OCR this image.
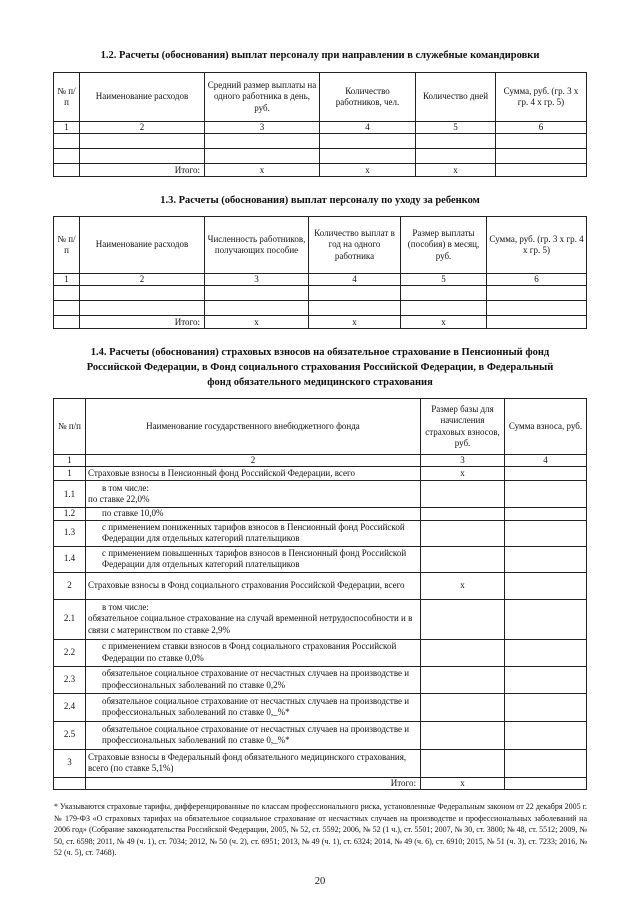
1.2. Расчеты (обоснования) выплат персоналу при направлении в служебные командировки
№ п/п	Наименование расходов	Средний размер выплаты на одного работника в день, руб.	Количество работников, чел.	Количество дней	Сумма, руб. (гр. 3 х гр. 4 х гр. 5)
1	2	3	4	5	6

	Итого:	х	х	х	
1.3. Расчеты (обоснования) выплат персоналу по уходу за ребенком
№ п/п	Наименование расходов	Численность работников, получающих пособие	Количество выплат в год на одного работника	Размер выплаты (пособия) в месяц, руб.	Сумма, руб. (гр. 3 х гр. 4 х гр. 5)
1	2	3	4	5	6

	Итого:	х	х	х	
1.4. Расчеты (обоснования) страховых взносов на обязательное страхование в Пенсионный фонд
Российской Федерации, в Фонд социального страхования Российской Федерации, в Федеральный
фонд обязательного медицинского страхования
№ п/п	Наименование государственного внебюджетного фонда	Размер базы для начисления страховых взносов, руб.	Сумма взноса, руб.
1	2	3	4
1	Страховые взносы в Пенсионный фонд Российской Федерации, всего	х	
1.1	в том числе:
по ставке 22,0%		
1.2	по ставке 10,0%		
1.3	с применением пониженных тарифов взносов в Пенсионный фонд Российской Федерации для отдельных категорий плательщиков		
1.4	с применением повышенных тарифов взносов в Пенсионный фонд Российской Федерации для отдельных категорий плательщиков		
2	Страховые взносы в Фонд социального страхования Российской Федерации, всего	х	
2.1	в том числе:
обязательное социальное страхование на случай временной нетрудоспособности и в связи с материнством по ставке 2,9%		
2.2	с применением ставки взносов в Фонд социального страхования Российской Федерации по ставке 0,0%		
2.3	обязательное социальное страхование от несчастных случаев на производстве и профессиональных заболеваний по ставке 0,2%		
2.4	обязательное социальное страхование от несчастных случаев на производстве и профессиональных заболеваний по ставке 0,_%*		
2.5	обязательное социальное страхование от несчастных случаев на производстве и профессиональных заболеваний по ставке 0,_%*		
3	Страховые взносы в Федеральный фонд обязательного медицинского страхования, всего (по ставке 5,1%)		
	Итого:	х	
* Указываются страховые тарифы, дифференцированные по классам профессионального риска, установленные Федеральным законом от 22 декабря 2005 г. № 179-ФЗ «О страховых тарифах на обязательное социальное страхование от несчастных случаев на производстве и профессиональных заболеваний на 2006 год» (Собрание законодательства Российской Федерации, 2005, № 52, ст. 5592; 2006, № 52 (1 ч.), ст. 5501; 2007, № 30, ст. 3800; № 48, ст. 5512; 2009, № 50, ст. 6598; 2011, № 49 (ч. 1), ст. 7034; 2012, № 50 (ч. 2), ст. 6951; 2013, № 49 (ч. 1), ст. 6324; 2014, № 49 (ч. 6), ст. 6910; 2015, № 51 (ч. 3), ст. 7233; 2016, № 52 (ч. 5), ст. 7468).
20
